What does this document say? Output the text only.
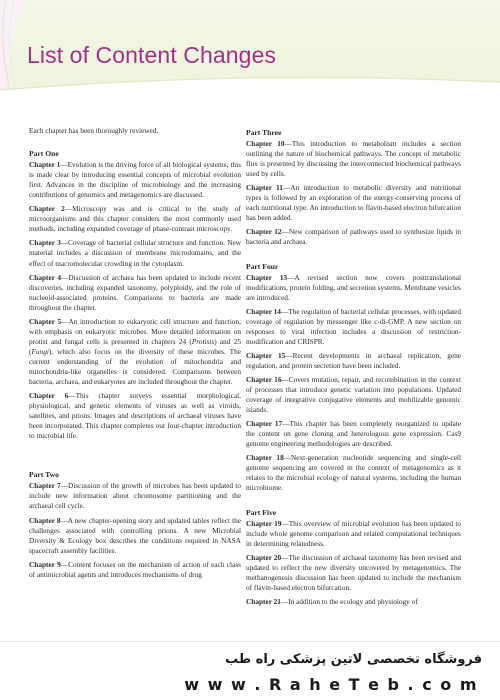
List of Content Changes

Each chapter has been thoroughly reviewed.

Part One

Chapter 1—Evolution is the driving force of all biological systems; this is made clear by introducing essential concepts of microbial evolution first. Advances in the discipline of microbiology and the increasing contributions of genomics and metagenomics are discussed.

Chapter 2—Microscopy was and is critical to the study of microorganisms and this chapter considers the most commonly used methods, including expanded coverage of phase-contrast microscopy.

Chapter 3—Coverage of bacterial cellular structure and function. New material includes a discussion of membrane microdomains, and the effect of macromolecular crowding in the cytoplasm.

Chapter 4—Discussion of archaea has been updated to include recent discoveries, including expanded taxonomy, polyploidy, and the role of nucleoid-associated proteins. Comparisons to bacteria are made throughout the chapter.

Chapter 5—An introduction to eukaryotic cell structure and function, with emphasis on eukaryotic microbes. More detailed information on protist and fungal cells is presented in chapters 24 (Protists) and 25 (Fungi), which also focus on the diversity of these microbes. The current understanding of the evolution of mitochondria and mitochondria-like organelles is considered. Comparisons between bacteria, archaea, and eukaryotes are included throughout the chapter.

Chapter 6—This chapter surveys essential morphological, physiological, and genetic elements of viruses as well as viroids, satellites, and prions. Images and descriptions of archaeal viruses have been incorporated. This chapter completes our four-chapter introduction to microbial life.

Part Two

Chapter 7—Discussion of the growth of microbes has been updated to include new information about chromosome partitioning and the archaeal cell cycle.

Chapter 8—A new chapter-opening story and updated tables reflect the challenges associated with controlling prions. A new Microbial Diversity & Ecology box describes the conditions required in NASA spacecraft assembly facilities.

Chapter 9—Content focuses on the mechanism of action of each class of antimicrobial agents and introduces mechanisms of drug

Part Three

Chapter 10—This introduction to metabolism includes a section outlining the nature of biochemical pathways. The concept of metabolic flux is presented by discussing the interconnected biochemical pathways used by cells.

Chapter 11—An introduction to metabolic diversity and nutritional types is followed by an exploration of the energy-conserving process of each nutritional type. An introduction to flavin-based electron bifurcation has been added.

Chapter 12—New comparison of pathways used to synthesize lipids in bacteria and archaea.

Part Four

Chapter 13—A revised section now covers posttranslational modifications, protein folding, and secretion systems. Membrane vesicles are introduced.

Chapter 14—The regulation of bacterial cellular processes, with updated coverage of regulation by messenger like c-di-GMP. A new section on responses to viral infection includes a discussion of restriction-modification and CRISPR.

Chapter 15—Recent developments in archaeal replication, gene regulation, and protein secretion have been included.

Chapter 16—Covers mutation, repair, and recombination in the context of processes that introduce genetic variation into populations. Updated coverage of integrative conjugative elements and mobilizable genomic islands.

Chapter 17—This chapter has been completely reorganized to update the content on gene cloning and heterologous gene expression. Cas9 genome engineering methodologies are described.

Chapter 18—Next-generation nucleotide sequencing and single-cell genome sequencing are covered in the context of metagenomics as it relates to the microbial ecology of natural systems, including the human microbiome.

Part Five

Chapter 19—This overview of microbial evolution has been updated to include whole genome comparison and related computational techniques in determining relatedness.

Chapter 20—The discussion of archaeal taxonomy has been revised and updated to reflect the new diversity uncovered by metagenomics. The methanogenesis discussion has been updated to include the mechanism of flavin-based electron bifurcation.

Chapter 21—In addition to the ecology and physiology of

فروشگاه تخصصی لاتین پزشکی راه طب
w w w . R a h e T e b . c o m
